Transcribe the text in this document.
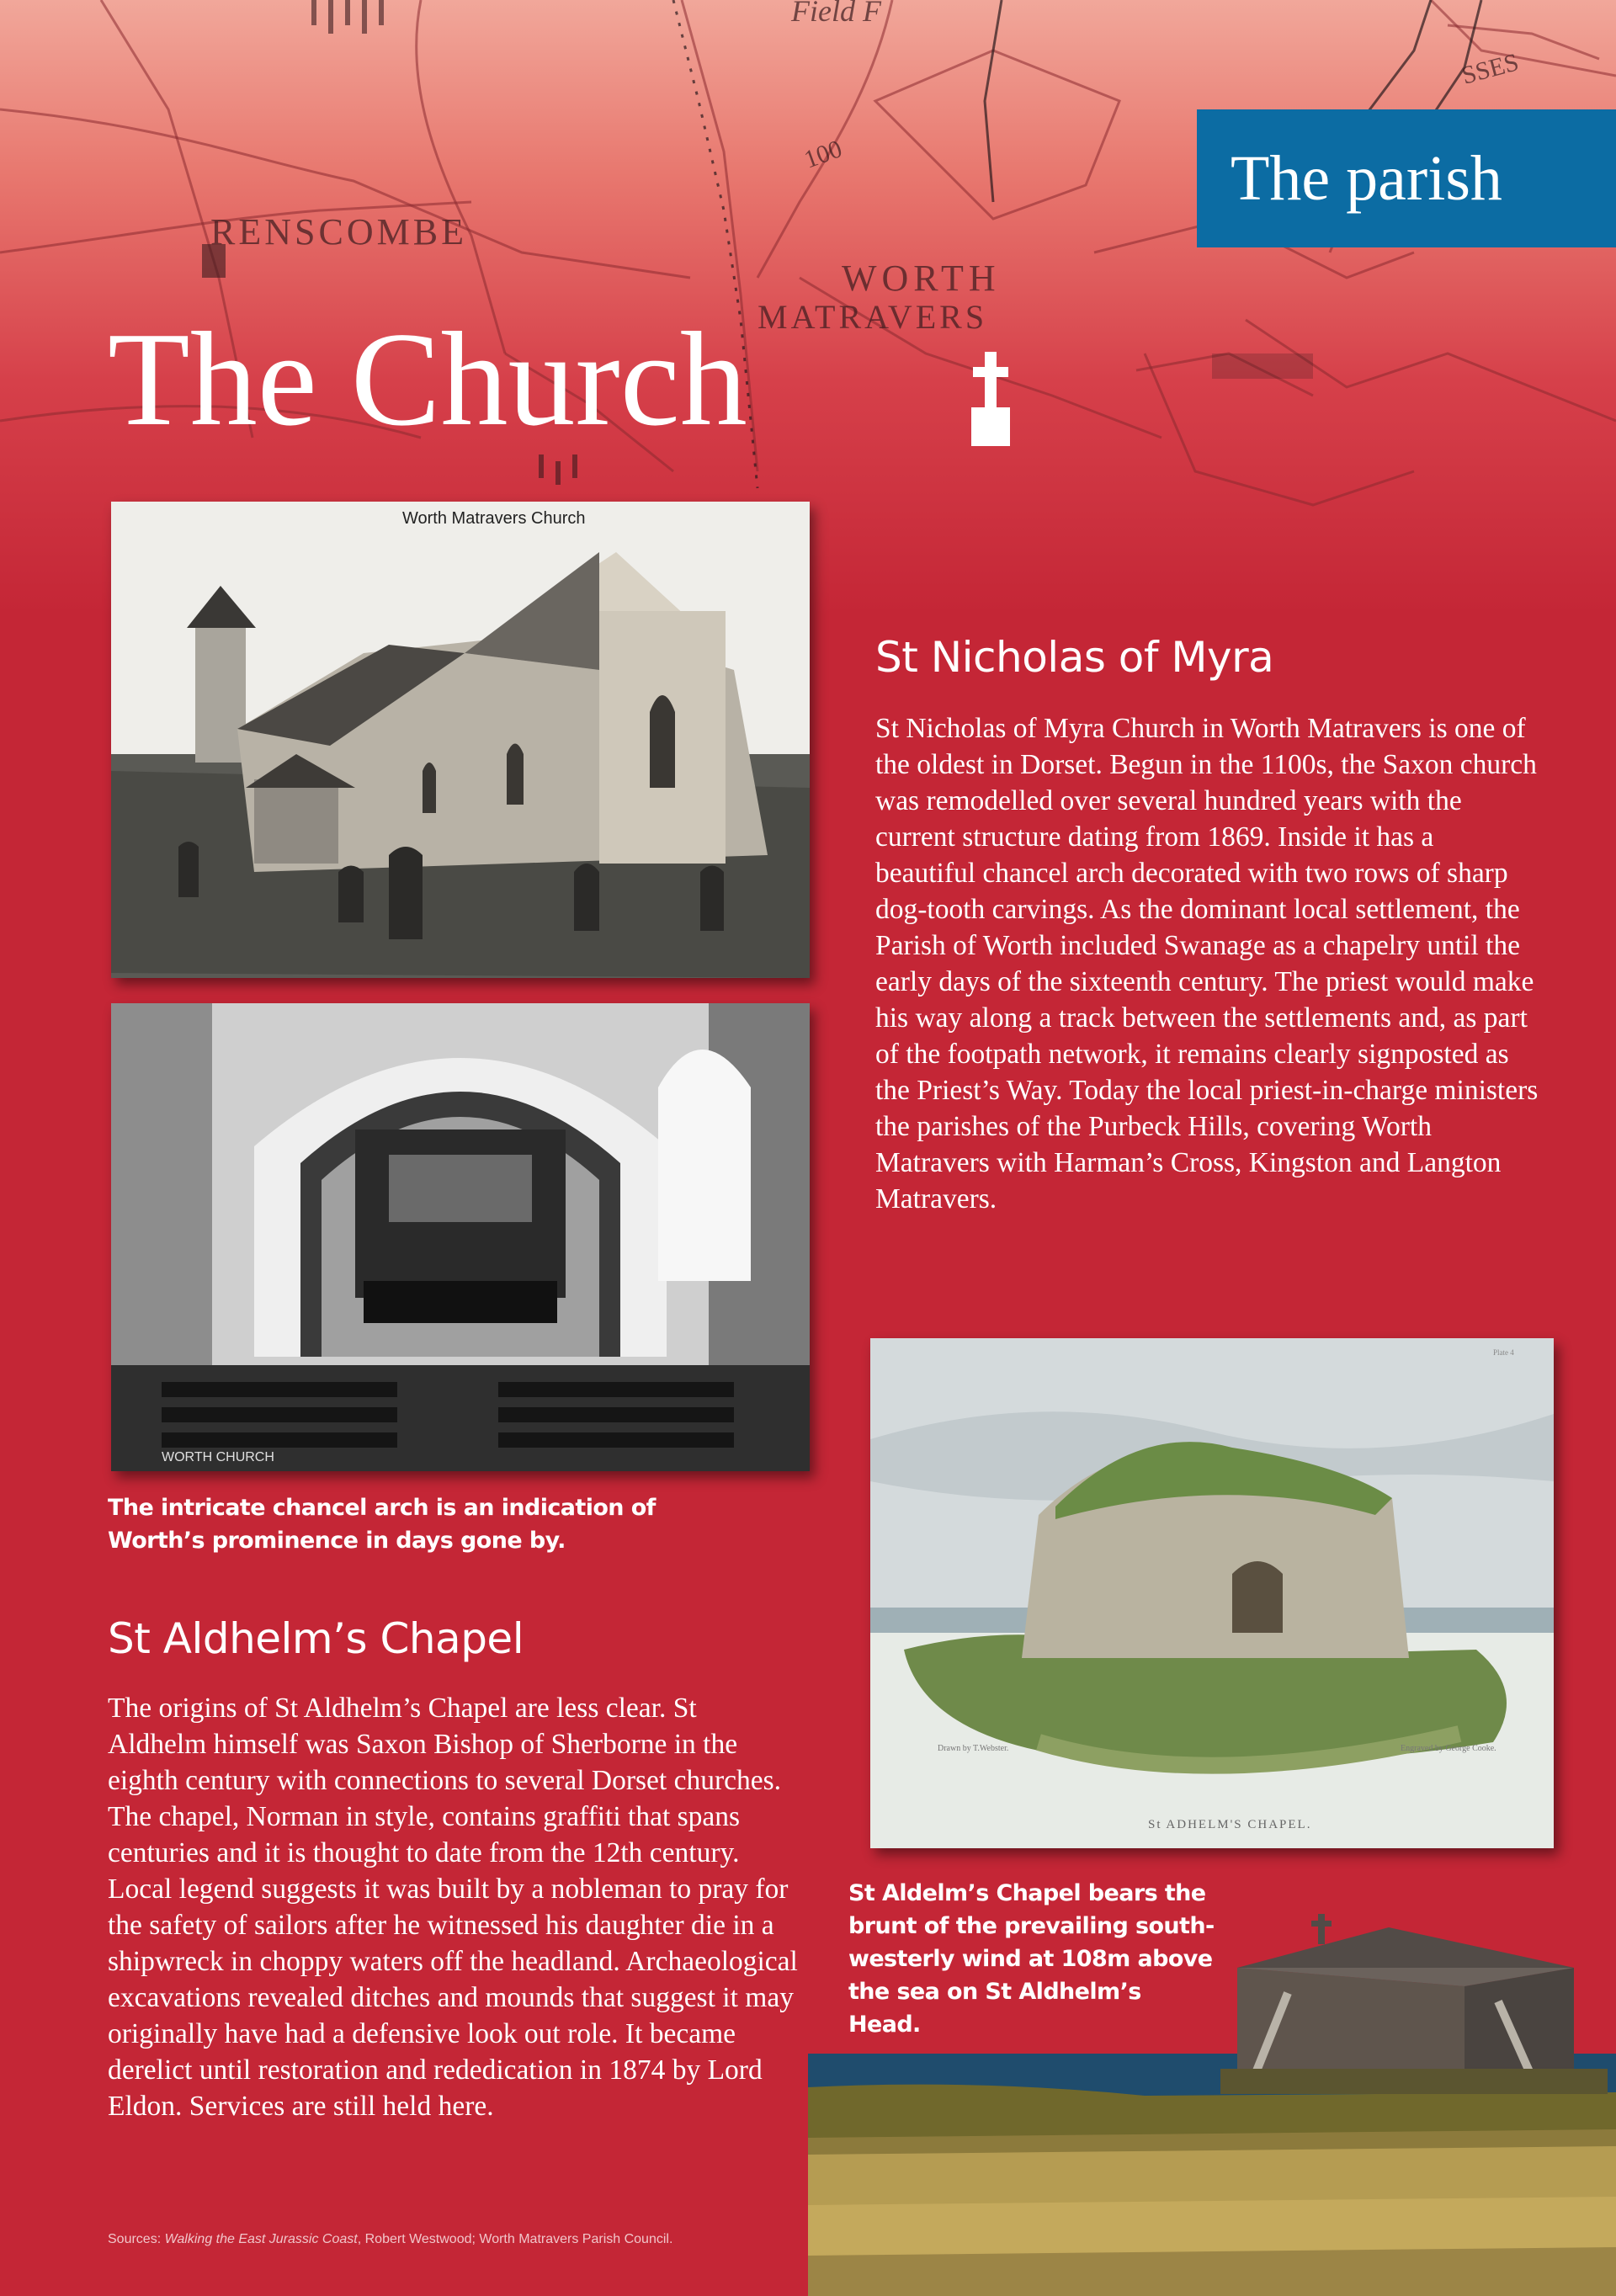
RENSCOMBE
WORTH
MATRAVERS
Field F
100
SSES
The parish
The Church
Worth Matravers Church
WORTH CHURCH

The intricate chancel arch is an indication of Worth’s prominence in days gone by.

St Aldhelm’s Chapel

The origins of St Aldhelm’s Chapel are less clear. St Aldhelm himself was Saxon Bishop of Sherborne in the eighth century with connections to several Dorset churches. The chapel, Norman in style, contains graffiti that spans centuries and it is thought to date from the 12th century. Local legend suggests it was built by a nobleman to pray for the safety of sailors after he witnessed his daughter die in a shipwreck in choppy waters off the headland. Archaeological excavations revealed ditches and mounds that suggest it may originally have had a defensive look out role. It became derelict until restoration and rededication in 1874 by Lord Eldon. Services are still held here.

St Nicholas of Myra

St Nicholas of Myra Church in Worth Matravers is one of the oldest in Dorset. Begun in the 1100s, the Saxon church was remodelled over several hundred years with the current structure dating from 1869. Inside it has a beautiful chancel arch decorated with two rows of sharp dog-tooth carvings. As the dominant local settlement, the Parish of Worth included Swanage as a chapelry until the early days of the sixteenth century. The priest would make his way along a track between the settlements and, as part of the footpath network, it remains clearly signposted as the Priest’s Way. Today the local priest-in-charge ministers the parishes of the Purbeck Hills, covering Worth Matravers with Harman’s Cross, Kingston and Langton Matravers.

Drawn by T.Webster.	Engraved by George Cooke.
St ADHELM'S CHAPEL.
Plate 4

St Aldelm’s Chapel bears the brunt of the prevailing south-westerly wind at 108m above the sea on St Aldhelm’s Head.

Sources: Walking the East Jurassic Coast, Robert Westwood; Worth Matravers Parish Council.
